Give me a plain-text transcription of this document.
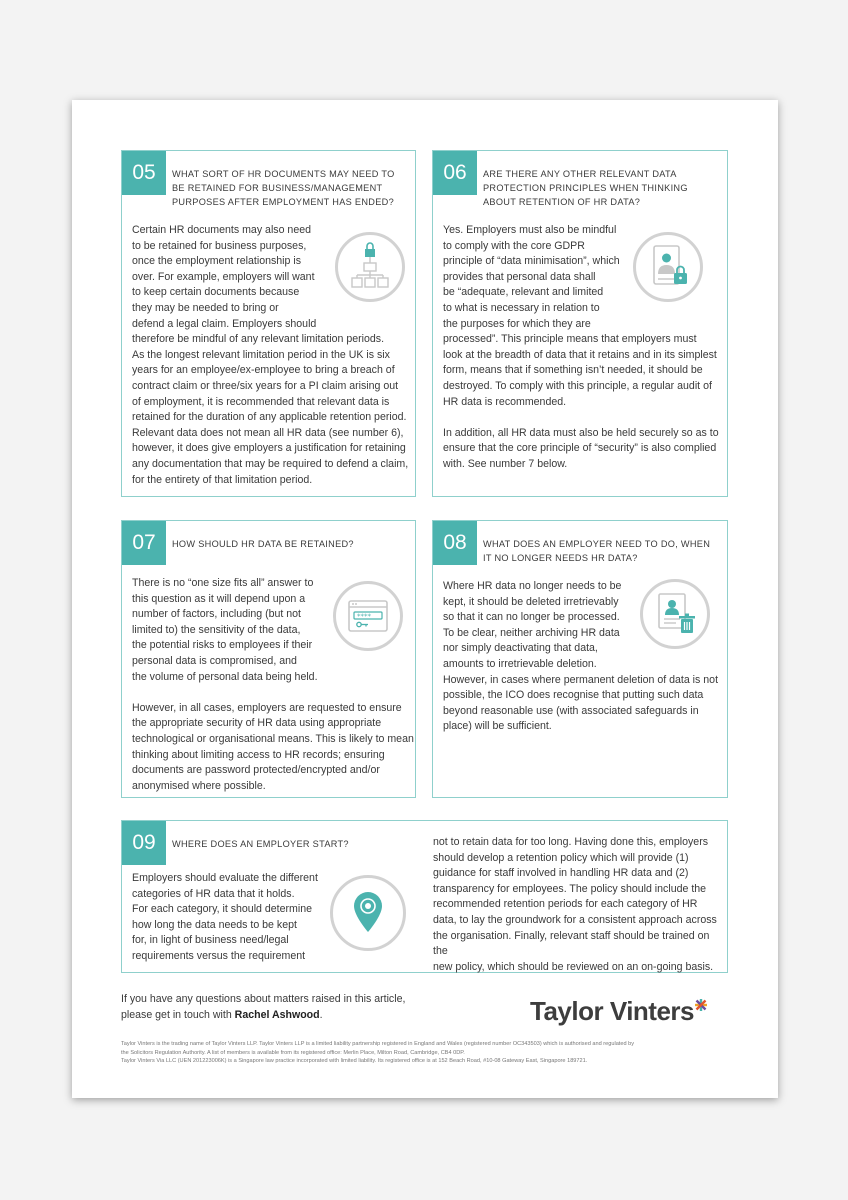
05	WHAT SORT OF HR DOCUMENTS MAY NEED TO BE RETAINED FOR BUSINESS/MANAGEMENT PURPOSES AFTER EMPLOYMENT HAS ENDED?

Certain HR documents may also need

to be retained for business purposes,

once the employment relationship is

over. For example, employers will want

to keep certain documents because

they may be needed to bring or

defend a legal claim. Employers should

therefore be mindful of any relevant limitation periods.

As the longest relevant limitation period in the UK is six

years for an employee/ex-employee to bring a breach of

contract claim or three/six years for a PI claim arising out

of employment, it is recommended that relevant data is

retained for the duration of any applicable retention period.

Relevant data does not mean all HR data (see number 6),

however, it does give employers a justification for retaining

any documentation that may be required to defend a claim,

for the entirety of that limitation period.

06	ARE THERE ANY OTHER RELEVANT DATA PROTECTION PRINCIPLES WHEN THINKING ABOUT RETENTION OF HR DATA?

Yes. Employers must also be mindful

to comply with the core GDPR

principle of “data minimisation”, which

provides that personal data shall

be “adequate, relevant and limited

to what is necessary in relation to

the purposes for which they are

processed”. This principle means that employers must

look at the breadth of data that it retains and in its simplest

form, means that if something isn’t needed, it should be

destroyed. To comply with this principle, a regular audit of

HR data is recommended.

In addition, all HR data must also be held securely so as to

ensure that the core principle of “security” is also complied

with. See number 7 below.

07	HOW SHOULD HR DATA BE RETAINED?

There is no “one size fits all” answer to

this question as it will depend upon a

number of factors, including (but not

limited to) the sensitivity of the data,

the potential risks to employees if their

personal data is compromised, and

the volume of personal data being held.

However, in all cases, employers are requested to ensure

the appropriate security of HR data using appropriate

technological or organisational means. This is likely to mean

thinking about limiting access to HR records; ensuring

documents are password protected/encrypted and/or

anonymised where possible.

****
08	WHAT DOES AN EMPLOYER NEED TO DO, WHEN IT NO LONGER NEEDS HR DATA?

Where HR data no longer needs to be

kept, it should be deleted irretrievably

so that it can no longer be processed.

To be clear, neither archiving HR data

nor simply deactivating that data,

amounts to irretrievable deletion.

However, in cases where permanent deletion of data is not

possible, the ICO does recognise that putting such data

beyond reasonable use (with associated safeguards in

place) will be sufficient.

09	WHERE DOES AN EMPLOYER START?

Employers should evaluate the different

categories of HR data that it holds.

For each category, it should determine

how long the data needs to be kept

for, in light of business need/legal

requirements versus the requirement

not to retain data for too long. Having done this, employers

should develop a retention policy which will provide (1)

guidance for staff involved in handling HR data and (2)

transparency for employees. The policy should include the

recommended retention periods for each category of HR

data, to lay the groundwork for a consistent approach across

the organisation. Finally, relevant staff should be trained on the

new policy, which should be reviewed on an on-going basis.

If you have any questions about matters raised in this article,
please get in touch with Rachel Ashwood.	Taylor Vinters
Taylor Vinters is the trading name of Taylor Vinters LLP. Taylor Vinters LLP is a limited liability partnership registered in England and Wales (registered number OC343503) which is authorised and regulated by
the Solicitors Regulation Authority. A list of members is available from its registered office: Merlin Place, Milton Road, Cambridge, CB4 0DP.
Taylor Vinters Via LLC (UEN 201223006K) is a Singapore law practice incorporated with limited liability. Its registered office is at 152 Beach Road, #10-08 Gateway East, Singapore 189721.
